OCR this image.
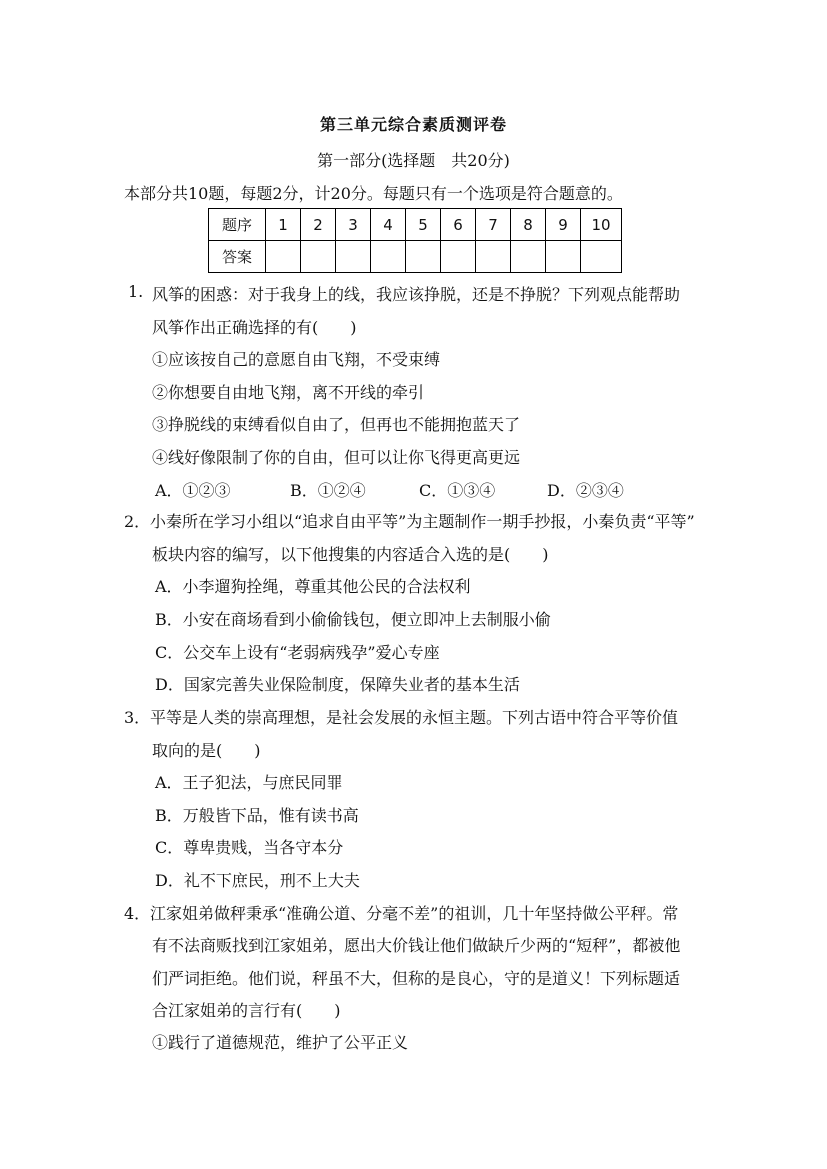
第三单元综合素质测评卷
第一部分(选择题　共20分)
本部分共10题，每题2分，计20分。每题只有一个选项是符合题意的。
题序	1	2	3	4	5	6	7	8	9	10
答案										
1. 风筝的困惑：对于我身上的线，我应该挣脱，还是不挣脱？下列观点能帮助
风筝作出正确选择的有(　　)
①应该按自己的意愿自由飞翔，不受束缚
②你想要自由地飞翔，离不开线的牵引
③挣脱线的束缚看似自由了，但再也不能拥抱蓝天了
④线好像限制了你的自由，但可以让你飞得更高更远
A．①②③	B．①②④	C．①③④	D．②③④
2． 小秦所在学习小组以“追求自由平等”为主题制作一期手抄报，小秦负责“平等”
板块内容的编写，以下他搜集的内容适合入选的是(　　)
A．小李遛狗拴绳，尊重其他公民的合法权利
B．小安在商场看到小偷偷钱包，便立即冲上去制服小偷
C．公交车上设有“老弱病残孕”爱心专座
D．国家完善失业保险制度，保障失业者的基本生活
3． 平等是人类的崇高理想，是社会发展的永恒主题。下列古语中符合平等价值
取向的是(　　)
A．王子犯法，与庶民同罪
B．万般皆下品，惟有读书高
C．尊卑贵贱，当各守本分
D．礼不下庶民，刑不上大夫
4． 江家姐弟做秤秉承“准确公道、分毫不差”的祖训，几十年坚持做公平秤。常
有不法商贩找到江家姐弟，愿出大价钱让他们做缺斤少两的“短秤”，都被他
们严词拒绝。他们说，秤虽不大，但称的是良心，守的是道义！下列标题适
合江家姐弟的言行有(　　)
①践行了道德规范，维护了公平正义
